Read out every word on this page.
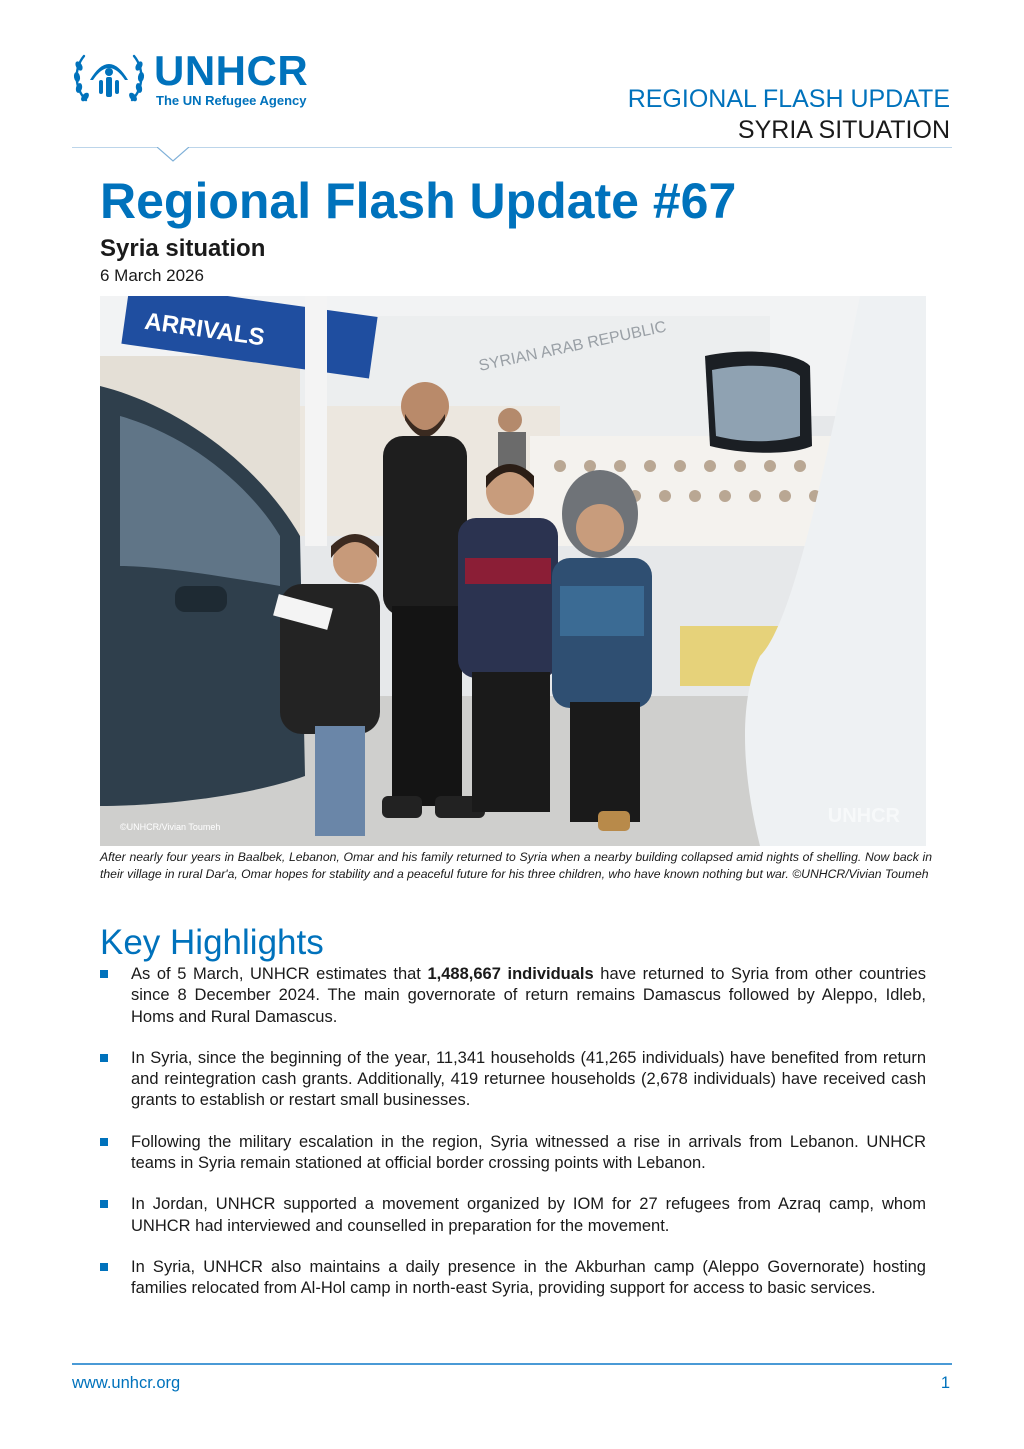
UNHCR
The UN Refugee Agency	REGIONAL FLASH UPDATE
SYRIA SITUATION
Regional Flash Update #67
Syria situation
6 March 2026
ARRIVALS	SYRIAN ARAB REPUBLIC
©UNHCR/Vivian Toumeh	UNHCR
After nearly four years in Baalbek, Lebanon, Omar and his family returned to Syria when a nearby building collapsed amid nights of shelling. Now back in their village in rural Dar'a, Omar hopes for stability and a peaceful future for his three children, who have known nothing but war. ©UNHCR/Vivian Toumeh
Key Highlights
As of 5 March, UNHCR estimates that 1,488,667 individuals have returned to Syria from other countries since 8 December 2024. The main governorate of return remains Damascus followed by Aleppo, Idleb, Homs and Rural Damascus.
In Syria, since the beginning of the year, 11,341 households (41,265 individuals) have benefited from return and reintegration cash grants. Additionally, 419 returnee households (2,678 individuals) have received cash grants to establish or restart small businesses.
Following the military escalation in the region, Syria witnessed a rise in arrivals from Lebanon. UNHCR teams in Syria remain stationed at official border crossing points with Lebanon.
In Jordan, UNHCR supported a movement organized by IOM for 27 refugees from Azraq camp, whom UNHCR had interviewed and counselled in preparation for the movement.
In Syria, UNHCR also maintains a daily presence in the Akburhan camp (Aleppo Governorate) hosting families relocated from Al-Hol camp in north-east Syria, providing support for access to basic services.
www.unhcr.org	1
